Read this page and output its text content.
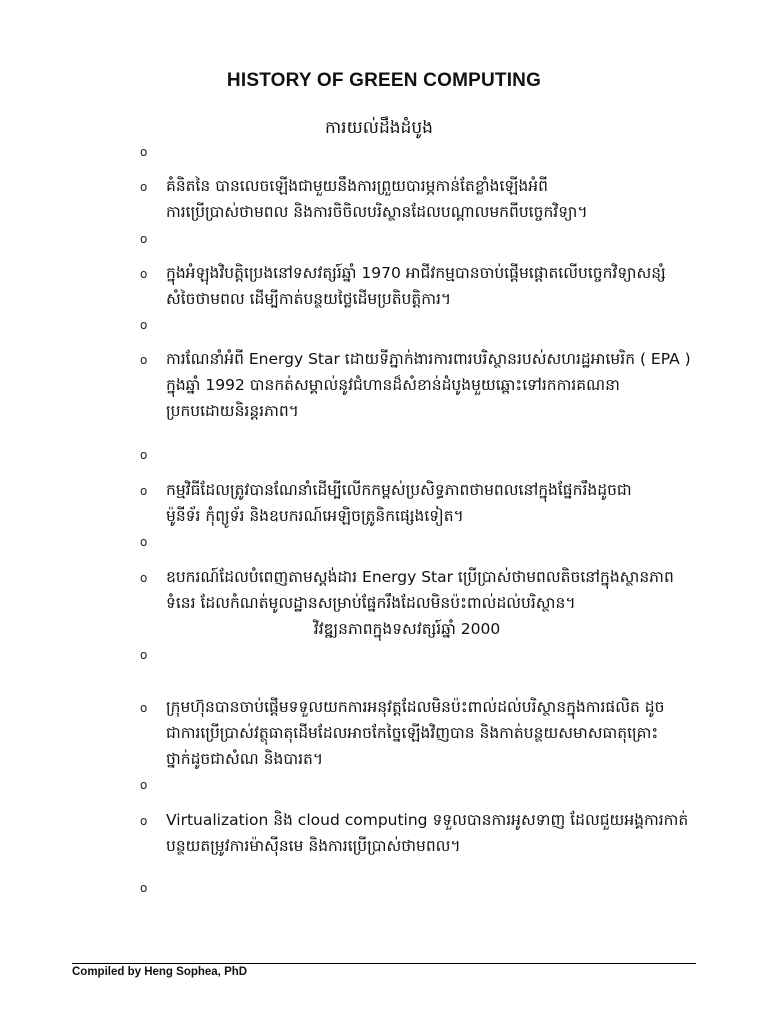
HISTORY OF GREEN COMPUTING
ការយល់ដឹងដំបូង
o
o
o
o
o
o
o
o
o គំនិតនៃ បានលេចឡើងជាមួយនឹងការព្រួយបារម្ភកាន់តែខ្លាំងឡើងអំពី
ការប្រើប្រាស់ថាមពល និងការចិចិលបរិស្ថានដែលបណ្តាលមកពីបច្ចេកវិទ្យា។
o ក្នុងអំឡុងវិបត្តិប្រេងនៅទសវត្សរ៍ឆ្នាំ 1970 អាជីវកម្មបានចាប់ផ្តើមផ្តោតលើបច្ចេកវិទ្យាសន្សំ
សំចៃថាមពល ដើម្បីកាត់បន្ថយថ្លៃដើមប្រតិបត្តិការ។
o ការណែនាំអំពី Energy Star ដោយទីភ្នាក់ងារការពារបរិស្ថានរបស់សហរដ្ឋអាមេរិក ( EPA )
ក្នុងឆ្នាំ 1992 បានកត់សម្គាល់នូវជំហានដ៏សំខាន់ដំបូងមួយឆ្ពោះទៅរកការគណនា
ប្រកបដោយនិរន្តរភាព។
o កម្មវិធីដែលត្រូវបានណែនាំដើម្បីលើកកម្ពស់ប្រសិទ្ធភាពថាមពលនៅក្នុងផ្នែករឹងដូចជា
ម៉ូនីទ័រ កុំព្យូទ័រ និងឧបករណ៍អេឡិចត្រូនិកផ្សេងទៀត។
o ឧបករណ៍ដែលបំពេញតាមស្តង់ដារ Energy Star ប្រើប្រាស់ថាមពលតិចនៅក្នុងស្ថានភាព
ទំនេរ ដែលកំណត់មូលដ្ឋានសម្រាប់ផ្នែករឹងដែលមិនប៉ះពាល់ដល់បរិស្ថាន។
វិវឌ្ឍនភាពក្នុងទសវត្សរ៍ឆ្នាំ 2000
o ក្រុមហ៊ុនបានចាប់ផ្តើមទទួលយកការអនុវត្តដែលមិនប៉ះពាល់ដល់បរិស្ថានក្នុងការផលិត ដូច
ជាការប្រើប្រាស់វត្ថុធាតុដើមដែលអាចកែច្នៃឡើងវិញបាន និងកាត់បន្ថយសមាសធាតុគ្រោះ
ថ្នាក់ដូចជាសំណ និងបារត។
o Virtualization និង cloud computing ទទួលបានការអូសទាញ ដែលជួយអង្គការកាត់
បន្ថយតម្រូវការម៉ាស៊ីនមេ និងការប្រើប្រាស់ថាមពល។
Compiled by Heng Sophea, PhD
